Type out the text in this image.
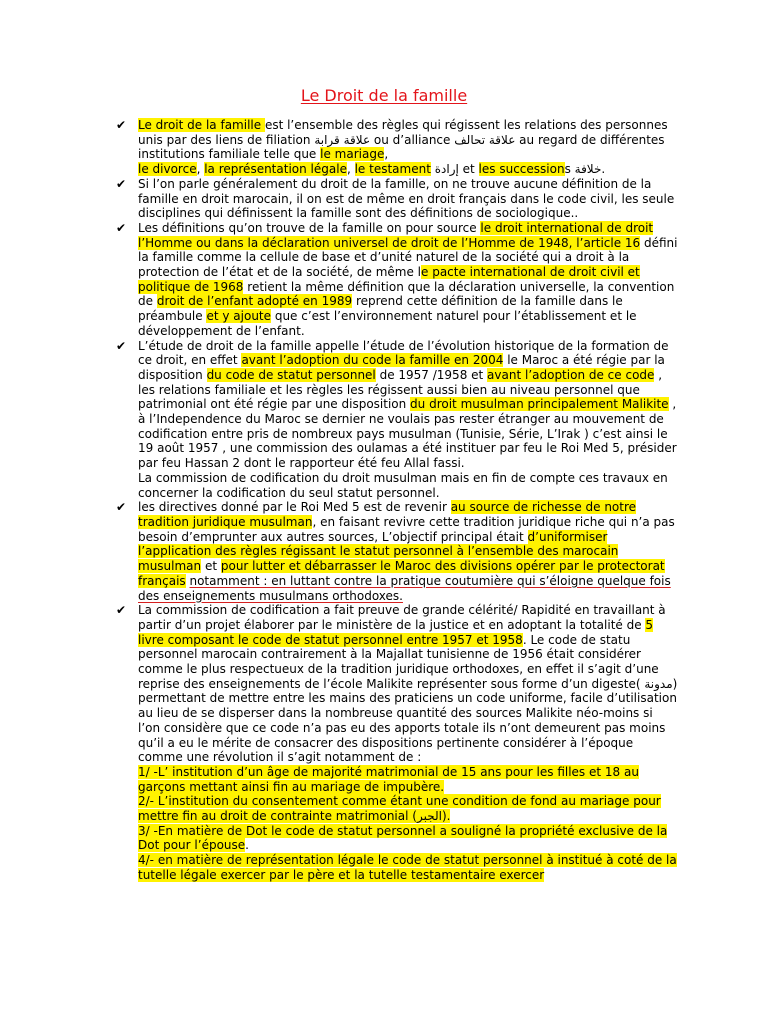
Le Droit de la famille
✔ Le droit de la famille est l’ensemble des règles qui régissent les relations des personnes unis par des liens de filiation علاقة قرابة ou d’alliance علاقة تحالف au regard de différentes institutions familiale telle que le mariage,
le divorce, la représentation légale, le testament إرادة et les successions خلافة.
✔ Si l’on parle généralement du droit de la famille, on ne trouve aucune définition de la famille en droit marocain, il on est de même en droit français dans le code civil, les seule disciplines qui définissent la famille sont des définitions de sociologique..
✔ Les définitions qu’on trouve de la famille on pour source le droit international de droit l’Homme ou dans la déclaration universel de droit de l’Homme de 1948, l’article 16 défini la famille comme la cellule de base et d’unité naturel de la société qui a droit à la protection de l’état et de la société, de même le pacte international de droit civil et politique de 1968 retient la même définition que la déclaration universelle, la convention de droit de l’enfant adopté en 1989 reprend cette définition de la famille dans le préambule et y ajoute que c’est l’environnement naturel pour l’établissement et le développement de l’enfant.
✔ L’étude de droit de la famille appelle l’étude de l’évolution historique de la formation de ce droit, en effet avant l’adoption du code la famille en 2004 le Maroc a été régie par la disposition du code de statut personnel de 1957 /1958 et avant l’adoption de ce code , les relations familiale et les règles les régissent aussi bien au niveau personnel que patrimonial ont été régie par une disposition du droit musulman principalement Malikite , à l’Independence du Maroc se dernier ne voulais pas rester étranger au mouvement de codification entre pris de nombreux pays musulman (Tunisie, Série, L’Irak ) c’est ainsi le 19 août 1957 , une commission des oulamas a été instituer par feu le Roi Med 5, présider par feu Hassan 2 dont le rapporteur été feu Allal fassi.
La commission de codification du droit musulman mais en fin de compte ces travaux en concerner la codification du seul statut personnel.
✔ les directives donné par le Roi Med 5 est de revenir au source de richesse de notre tradition juridique musulman, en faisant revivre cette tradition juridique riche qui n’a pas besoin d’emprunter aux autres sources, L’objectif principal était d’uniformiser l’application des règles régissant le statut personnel à l’ensemble des marocain musulman et pour lutter et débarrasser le Maroc des divisions opérer par le protectorat français notamment : en luttant contre la pratique coutumière qui s’éloigne quelque fois des enseignements musulmans orthodoxes.
✔ La commission de codification a fait preuve de grande célérité/ Rapidité en travaillant à partir d’un projet élaborer par le ministère de la justice et en adoptant la totalité de 5 livre composant le code de statut personnel entre 1957 et 1958. Le code de statu personnel marocain contrairement à la Majallat tunisienne de 1956 était considérer comme le plus respectueux de la tradition juridique orthodoxes, en effet il s’agit d’une reprise des enseignements de l’école Malikite représenter sous forme d’un digeste( مدونة) permettant de mettre entre les mains des praticiens un code uniforme, facile d’utilisation au lieu de se disperser dans la nombreuse quantité des sources Malikite néo-moins si l’on considère que ce code n’a pas eu des apports totale ils n’ont demeurent pas moins qu’il a eu le mérite de consacrer des dispositions pertinente considérer à l’époque comme une révolution il s’agit notamment de :
1/ -L’ institution d’un âge de majorité matrimonial de 15 ans pour les filles et 18 au garçons mettant ainsi fin au mariage de impubère.
2/- L’institution du consentement comme étant une condition de fond au mariage pour mettre fin au droit de contrainte matrimonial (الجبر).
3/ -En matière de Dot le code de statut personnel a souligné la propriété exclusive de la Dot pour l’épouse.
4/- en matière de représentation légale le code de statut personnel à institué à coté de la tutelle légale exercer par le père et la tutelle testamentaire exercer
